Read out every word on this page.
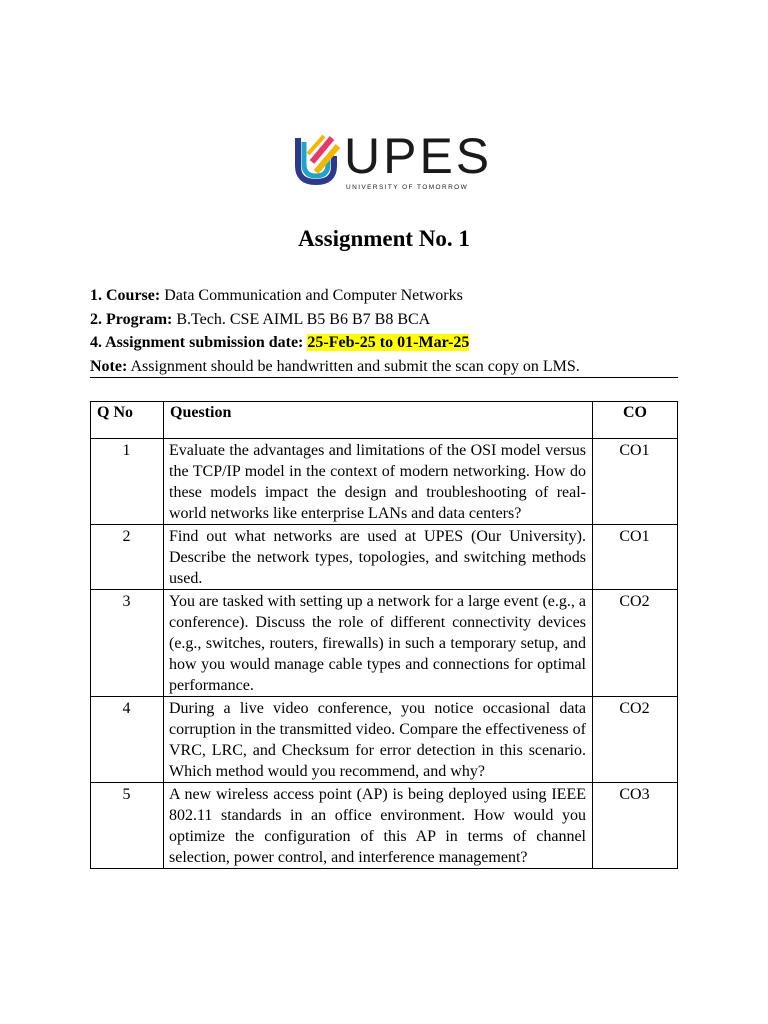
UPES
UNIVERSITY OF TOMORROW
Assignment No. 1
1. Course: Data Communication and Computer Networks
2. Program: B.Tech. CSE AIML B5 B6 B7 B8 BCA
4. Assignment submission date: 25-Feb-25 to 01-Mar-25
Note: Assignment should be handwritten and submit the scan copy on LMS.
Q No	Question	CO
1	Evaluate the advantages and limitations of the OSI model versus the TCP/IP model in the context of modern networking. How do these models impact the design and troubleshooting of real-world networks like enterprise LANs and data centers?	CO1
2	Find out what networks are used at UPES (Our University). Describe the network types, topologies, and switching methods used.	CO1
3	You are tasked with setting up a network for a large event (e.g., a conference). Discuss the role of different connectivity devices (e.g., switches, routers, firewalls) in such a temporary setup, and how you would manage cable types and connections for optimal performance.	CO2
4	During a live video conference, you notice occasional data corruption in the transmitted video. Compare the effectiveness of VRC, LRC, and Checksum for error detection in this scenario. Which method would you recommend, and why?	CO2
5	A new wireless access point (AP) is being deployed using IEEE 802.11 standards in an office environment. How would you optimize the configuration of this AP in terms of channel selection, power control, and interference management?	CO3
